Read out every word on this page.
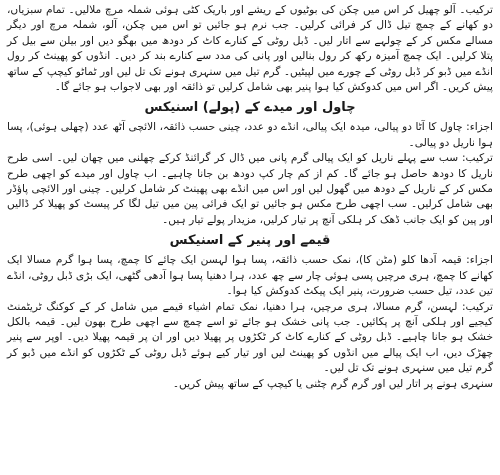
ترکیب۔ آلو چھیل کر اس میں چکن کی بوٹیوں کے ریشے اور باریک کٹی ہوئی شملہ مرچ ملالیں۔ تمام سبزیاں، دو کھانے کے چمچ تیل ڈال کر فرائی کرلیں۔ جب نرم ہو جائیں تو اس میں چکن، آلو، شملہ مرچ اور دیگر مسالے مکس کر کے چولہے سے اتار لیں۔ ڈبل روٹی کے کنارے کاٹ کر دودھ میں بھگو دیں اور بیلن سے بیل کر پتلا کرلیں۔ ایک چمچ آمیزہ رکھ کر رول بنالیں اور پانی کی مدد سے کنارے بند کر دیں۔ انڈوں کو پھینٹ کر رول انڈے میں ڈبو کر ڈبل روٹی کے چورے میں لپیٹیں۔ گرم تیل میں سنہری ہونے تک تل لیں اور ٹماٹو کیچپ کے ساتھ پیش کریں۔ اگر اس میں کدوکش کیا ہوا پنیر بھی شامل کرلیں تو ذائقہ اور بھی لاجواب ہو جائے گا۔

چاول اور میدے کے (پولے) اسنیکس

اجزاء: چاول کا آٹا دو پیالی، میدہ ایک پیالی، انڈے دو عدد، چینی حسب ذائقہ، الائچی آٹھ عدد (چھلی ہوئی)، پسا ہوا ناریل دو پیالی۔

ترکیب: سب سے پہلے ناریل کو ایک پیالی گرم پانی میں ڈال کر گرائنڈ کرکے چھلنی میں چھان لیں۔ اسی طرح ناریل کا دودھ حاصل ہو جائے گا۔ کم از کم چار کپ دودھ بن جانا چاہیے۔ اب چاول اور میدے کو اچھی طرح مکس کر کے ناریل کے دودھ میں گھول لیں اور اس میں انڈے بھی پھینٹ کر شامل کرلیں۔ چینی اور الائچی پاؤڈر بھی شامل کرلیں۔ سب اچھی طرح مکس ہو جائیں تو ایک فرائی پین میں تیل لگا کر پیسٹ کو پھیلا کر ڈالیں اور پین کو ایک جانب ڈھک کر ہلکی آنچ پر تیار کرلیں، مزیدار پولے تیار ہیں۔

قیمے اور پنیر کے اسنیکس

اجزاء: قیمہ آدھا کلو (مٹن کا)، نمک حسب ذائقہ، پسا ہوا لہسن ایک چائے کا چمچ، پسا ہوا گرم مسالا ایک کھانے کا چمچ، ہری مرچیں پسی ہوئی چار سے چھ عدد، ہرا دھنیا پسا ہوا آدھی گٹھی، ایک بڑی ڈبل روٹی، انڈے تین عدد، تیل حسب ضرورت، پنیر ایک پیکٹ کدوکش کیا ہوا۔

ترکیب: لہسن، گرم مسالا، ہری مرچیں، ہرا دھنیا، نمک تمام اشیاء قیمے میں شامل کر کے کوکنگ ٹریٹمنٹ کیجیے اور ہلکی آنچ پر پکائیں۔ جب پانی خشک ہو جائے تو اسے چمچ سے اچھی طرح بھون لیں۔ قیمہ بالکل خشک ہو جانا چاہیے۔ ڈبل روٹی کے کنارے کاٹ کر ٹکڑوں پر پھیلا دیں اور ان پر قیمہ پھیلا دیں۔ اوپر سے پنیر چھڑک دیں، اب ایک پیالے میں انڈوں کو پھینٹ لیں اور تیار کیے ہوئے ڈبل روٹی کے ٹکڑوں کو انڈے میں ڈبو کر گرم تیل میں سنہری ہونے تک تل لیں۔

سنہری ہونے پر اتار لیں اور گرم گرم چٹنی یا کیچپ کے ساتھ پیش کریں۔
